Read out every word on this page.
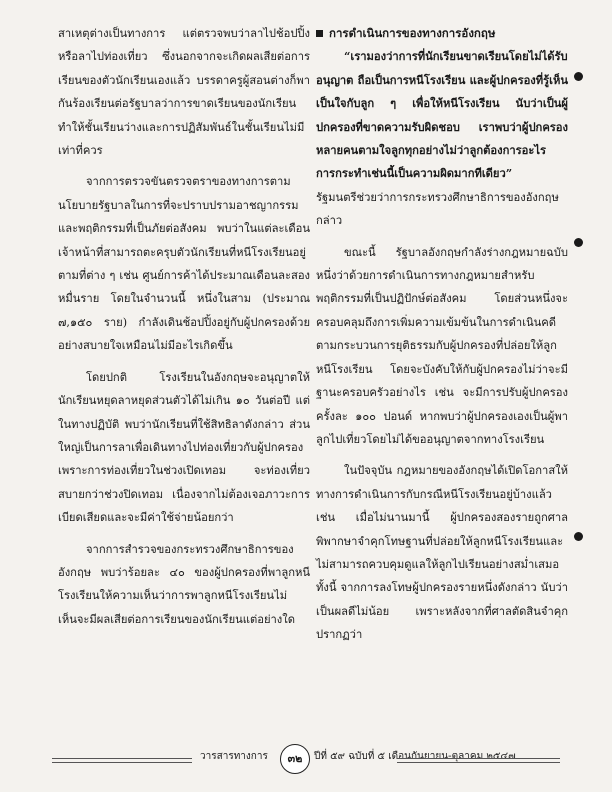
สาเหตุต่างเป็นทางการ แต่ตรวจพบว่าลาไปช้อปปิ้ง หรือลาไปท่องเที่ยว ซึ่งนอกจากจะเกิดผลเสียต่อการเรียนของตัวนักเรียนเองแล้ว บรรดาครูผู้สอนต่างก็พากันร้องเรียนต่อรัฐบาลว่าการขาดเรียนของนักเรียนทำให้ชั้นเรียนว่างและการปฏิสัมพันธ์ในชั้นเรียนไม่มีเท่าที่ควร

จากการตรวจขันตรวจตราของทางการตามนโยบายรัฐบาลในการที่จะปราบปรามอาชญากรรมและพฤติกรรมที่เป็นภัยต่อสังคม พบว่าในแต่ละเดือน เจ้าหน้าที่สามารถตะครุบตัวนักเรียนที่หนีโรงเรียนอยู่ตามที่ต่าง ๆ เช่น ศูนย์การค้าได้ประมาณเดือนละสองหมื่นราย โดยในจำนวนนี้ หนึ่งในสาม (ประมาณ ๗,๑๕๐ ราย) กำลังเดินช้อปปิ้งอยู่กับผู้ปกครองด้วยอย่างสบายใจเหมือนไม่มีอะไรเกิดขึ้น

โดยปกติ โรงเรียนในอังกฤษจะอนุญาตให้นักเรียนหยุดลาหยุดส่วนตัวได้ไม่เกิน ๑๐ วันต่อปี แต่ในทางปฏิบัติ พบว่านักเรียนที่ใช้สิทธิลาดังกล่าว ส่วนใหญ่เป็นการลาเพื่อเดินทางไปท่องเที่ยวกับผู้ปกครองเพราะการท่องเที่ยวในช่วงเปิดเทอม จะท่องเที่ยวสบายกว่าช่วงปิดเทอม เนื่องจากไม่ต้องเจอภาวะการเบียดเสียดและจะมีค่าใช้จ่ายน้อยกว่า

จากการสำรวจของกระทรวงศึกษาธิการของอังกฤษ พบว่าร้อยละ ๔๐ ของผู้ปกครองที่พาลูกหนีโรงเรียนให้ความเห็นว่าการพาลูกหนีโรงเรียนไม่เห็นจะมีผลเสียต่อการเรียนของนักเรียนแต่อย่างใด

การดำเนินการของทางการอังกฤษ

“เรามองว่าการที่นักเรียนขาดเรียนโดยไม่ได้รับอนุญาต ถือเป็นการหนีโรงเรียน และผู้ปกครองที่รู้เห็นเป็นใจกับลูก ๆ เพื่อให้หนีโรงเรียน นับว่าเป็นผู้ปกครองที่ขาดความรับผิดชอบ เราพบว่าผู้ปกครองหลายคนตามใจลูกทุกอย่างไม่ว่าลูกต้องการอะไร การกระทำเช่นนี้เป็นความผิดมากทีเดียว”

รัฐมนตรีช่วยว่าการกระทรวงศึกษาธิการของอังกฤษกล่าว

ขณะนี้ รัฐบาลอังกฤษกำลังร่างกฎหมายฉบับหนึ่งว่าด้วยการดำเนินการทางกฎหมายสำหรับพฤติกรรมที่เป็นปฏิปักษ์ต่อสังคม โดยส่วนหนึ่งจะครอบคลุมถึงการเพิ่มความเข้มข้นในการดำเนินคดีตามกระบวนการยุติธรรมกับผู้ปกครองที่ปล่อยให้ลูกหนีโรงเรียน โดยจะบังคับให้กับผู้ปกครองไม่ว่าจะมีฐานะครอบครัวอย่างไร เช่น จะมีการปรับผู้ปกครองครั้งละ ๑๐๐ ปอนด์ หากพบว่าผู้ปกครองเองเป็นผู้พาลูกไปเที่ยวโดยไม่ได้ขออนุญาตจากทางโรงเรียน

ในปัจจุบัน กฎหมายของอังกฤษได้เปิดโอกาสให้ทางการดำเนินการกับกรณีหนีโรงเรียนอยู่บ้างแล้ว เช่น เมื่อไม่นานมานี้ ผู้ปกครองสองรายถูกศาลพิพากษาจำคุกโทษฐานที่ปล่อยให้ลูกหนีโรงเรียนและไม่สามารถควบคุมดูแลให้ลูกไปเรียนอย่างสม่ำเสมอ ทั้งนี้ จากการลงโทษผู้ปกครองรายหนึ่งดังกล่าว นับว่าเป็นผลดีไม่น้อย เพราะหลังจากที่ศาลตัดสินจำคุก ปรากฏว่า

วารสารทางการ	๓๒	ปีที่ ๕๙ ฉบับที่ ๕ เดือนกันยายน-ตุลาคม ๒๕๔๗
